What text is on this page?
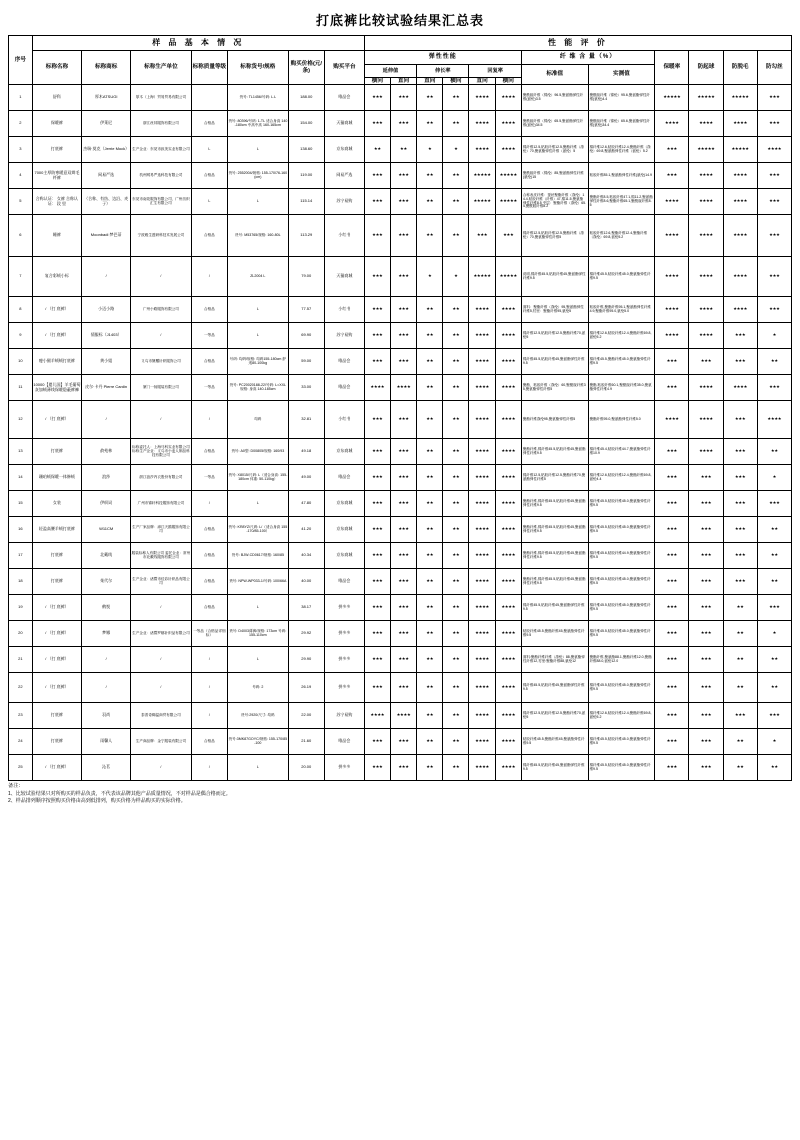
打底裤比较试验结果汇总表
序号	样 品 基 本 情 况							性 能 评 价											
	标称名称	标称商标	标称生产单位	标称质量等级	标称货号/规格	购买价格(元/条)	购买平台	弹性性能						纤 维 含 量（%）		保暖率	防起球	防脱毛	防勾丝
								延伸值		伸长率		回复率		标准值	实测值				
								横向	直向	直向	横向	直向	横向						
1	舒科	厚木ATSUGI	厚木（上海）贸易贸易有限公司		货号: TL1456/号码: L.L	188.00	唯品会	★★★	★★★	★★	★★	★★★★	★★★★	聚酰胺纤维（锦纶）96.5,聚氨酯弹性纤维(氨纶)3.5	聚酰胺纤维（锦纶）95.6,聚氨酯弹性纤维(氨纶)4.4	★★★★★	★★★★★	★★★★★	★★★
2	保暖裤	伊莱尼	浙江丝邦服饰有限公司	合格品	货号: 80396/号码: 1-TL 适合身高 140-180cm 中高中高 160-165cm	154.00	天猫商城	★★★	★★★	★★	★★	★★★★	★★★★	聚酰胺纤维（锦纶）65.5,聚氨酯弹性纤维(氨纶)34.5	聚酰胺纤维（锦纶）65.6,聚氨酯弹性纤维(氨纶)34.4	★★★★	★★★★	★★★★	★★★
3	打底裤	杰瑞·莫克（Jerrie Mock）	生产企业：东莞市致美实业有限公司	L	L	138.60	京东商城	★★	★★	★	★	★★★★	★★★★	棉纤维12.5,粘胶纤维12.5,聚酯纤维（涤纶）70,聚氨酯弹性纤维（氨纶）5	棉纤维12.6,粘胶纤维12.4,聚酯纤维（涤纶）69.8,聚氨酯弹性纤维（氨纶）5.2	★★★	★★★★★	★★★★★	★★★★
4	7000主厚防寒暖意双辫毛纤裤	网易严选	杭州网易严选科技有限公司	合格品	货号: 2552004/规格: 155-170/76-160(cm)	119.00	网易严选	★★★	★★★	★★	★★	★★★★★	★★★★★	聚酰胺纤维（锦纶）85,聚氨酯弹性纤维(氨纶)15	粘胶纤维85.1,聚氨酯弹性纤维(氨纶)14.9	★★★	★★★★	★★★★	★★★
5	合称认证： 女裤 合称认证： 段 里	（合称、有纺、边沿、麦子）	东莞市南莞服饰有限公司、广州纺织汇生有限公司	L	L	115.14	苏宁易购	★★★	★★★	★★	★★	★★★★★	★★★★★	合称表皮纤维：蚕丝聚酯纤维（涤纶）14.4,粘胶纤维（纤维）47,棉11.5,聚氨酯弹性纤维8.5 夹层：聚酯纤维（涤纶）65.4,聚酰胺纤维8.2	聚酯纤维8.5,粘胶纤维47.1,棉11.2,聚氨酯弹性纤维8.6,聚酯纤维65.1,聚酰胺纤维8.5	★★★★	★★★★	★★★★	★★★
6	睡裤	Moonbadi 梦巴蒂	宁波雅生透研科技术发展公司	合格品	货号: M53765/规格: 160-80L	113.29	小红书	★★★	★★★	★★	★★	★★★	★★★	棉纤维12.5,粘胶纤维12.5,聚酯纤维（涤纶）70,聚氨酯弹性纤维5	粘胶纤维12.6,聚酯纤维12.4,聚酯纤维（涤纶）69.8,氨纶5.2	★★★★	★★★★	★★★★	★★★
7	复合彩绒小标	/	/	/	ZL2004 L	79.00	天猫商城	★★★	★★★	★	★	★★★★★	★★★★★	说明,棉纤维45.5,粘胶纤维45,聚氨酯弹性纤维9.5	棉纤维45.5,粘胶纤维45.0,聚氨酯弹性纤维9.5	★★★★	★★★★	★★★★	★★★
8	/ （打 底裤）	小迈小路	广州小路服饰有限公司	合格品	L	77.57	小红书	★★★	★★★	★★	★★	★★★★	★★★★	面料：聚酯纤维（涤纶）95,聚氨酯弹性纤维5,衬里：聚酯纤维95,氨纶5	粘胶纤维,聚酯纤维95.1,聚氨酯弹性纤维4.9,聚酯纤维95.0,氨纶5.0	★★★★	★★★★	★★★★	★★★
9	/ （打 底裤）	情服标（J1403）	/	一等品	L	69.90	苏宁易购	★★★	★★★	★★	★★	★★★★	★★★★	棉纤维12.5,粘胶纤维12.5,聚酯纤维70,氨纶5	棉纤维12.6,粘胶纤维12.4,聚酯纤维69.8,氨纶5.2	★★★★	★★★★	★★★	★
10	瘦小腿羊绒绒打底裤	黄小姐	义乌市黛璽针织服饰公司	合格品	号码: 均码/规格: 均码155-180cm 舒适80-100kg	59.00	唯品会	★★★	★★★	★★	★★	★★★★	★★★★	棉纤维45.5,粘胶纤维45,聚氨酯弹性纤维9.5	棉纤维45.5,聚酯纤维45.0,聚氨酯弹性纤维9.5	★★★	★★★	★★★	★★
11	10000【婴儿国】羊毛葡萄灰加绒薄线保暖隐蔽裤褲	皮尔·卡丹 Pierre Cardin	厦门一扬服装有限公司	一等品	货号: PC20020188-22/号码: L=XXL 规格: 身高 140-185cm	33.00	唯品会	★★★★	★★★★	★★	★★	★★★★	★★★★	聚酯，粘胶纤维（涤纶）60,聚酰胺纤维35,聚氨酯弹性纤维5	聚酯,粘胶纤维60.1,聚酰胺纤维35.0,聚氨酯弹性纤维4.9	★★★	★★★★	★★★★	★★★
12	/ （打 底裤）	/	/	/	均码	32.81	小红书	★★★	★★★	★★	★★	★★★★	★★★★	聚酯纤维涤纶95,聚氨酯弹性纤维5	聚酯纤维95.0,聚氨酯弹性纤维5.0	★★★★	★★★★	★★★	★★★★
13	打底裤	俞苑林	标称委托人：上海马科实业有限公司 标称生产企业：义乌市小麦人制品科技有限公司	合格品	货号: A0型: D00805/规格: 160/93	49.18	京东商城	★★★	★★★	★★	★★	★★★★	★★★★	聚酯纤维,棉纤维45.5,粘胶纤维45,聚氨酯弹性纤维9.5	棉纤维45.4,粘胶纤维44.7,聚氨酯弹性纤维10.9	★★★	★★★★	★★★	★★
14	珊珀绒保暖一体修绒	浪莎	浙江浪莎内衣股份有限公司	一等品	货号: X8015/尺码: L（适合身高: 155-180cm 体重: 50-110kg）	49.00	唯品会	★★★	★★★	★★	★★	★★★★	★★★★	棉纤维12.5,粘胶纤维12.5,聚酯纤维70,聚氨酯弹性纤维5	棉纤维12.6,粘胶纤维12.4,聚酯纤维69.8,氨纶4.4	★★★	★★★	★★★	★
15	女装	伊织词	广州市锦轩科技服饰有限公司	/	L	47.80	京东商城	★★★	★★★	★★	★★	★★★★	★★★★	聚酯纤维,棉纤维45.5,粘胶纤维45,聚氨酯弹性纤维9.5	棉纤维45.5,粘胶纤维45.0,聚氨酯弹性纤维9.5	★★★	★★★	★★★	★★★
16	轻盈高腰羊绒打底裤	W11CM	生产厂家品牌：漳江天鹅服饰有限公司	合格品	货号: KR8YZ/尺码: L/（适合身高 155-170/85-100）	41.20	京东商城	★★★	★★★	★★	★★	★★★★	★★★★	聚酯纤维,棉纤维45.5,粘胶纤维45,聚氨酯弹性纤维9.5	棉纤维45.5,粘胶纤维45.0,聚氨酯弹性纤维9.5	★★★	★★★	★★★	★★
17	打底裤	北戴线	服装标称人有限公司 委托企业：常州市北戴线服饰有限公司	合格品	货号: BJW-CD0617/规格: 160/85	40.34	京东商城	★★★	★★★	★★	★★	★★★★	★★★★	聚酯纤维,棉纤维45.5,粘胶纤维45,聚氨酯弹性纤维9.5	棉纤维45.6,粘胶纤维44.9,聚氨酯弹性纤维9.5	★★★	★★★	★★★	★★
18	打底裤	茱代尔	生产企业：诸暨市佳彩针织品有限公司	合格品	货号: NPW-WP033-1/号码: 100/66A	40.00	唯品会	★★★	★★★	★★	★★	★★★★	★★★★	聚酯纤维,棉纤维45.5,粘胶纤维45,聚氨酯弹性纤维9.5	棉纤维45.5,粘胶纤维45.0,聚氨酯弹性纤维9.5	★★★	★★★	★★★	★★
19	/ （打 底裤）	鹤悦	/	合格品	L	38.17	拼多多	★★★	★★★	★★	★★	★★★★	★★★★	棉纤维45.5,粘胶纤维45,聚氨酯弹性纤维9.5	棉纤维45.5,粘胶纤维45.0,聚氨酯弹性纤维9.5	★★★	★★★	★★	★★★
20	/ （打 底裤）	梦娜	生产企业：诸暨罗娜针织品有限公司	一等品（合格品详细标）	货号: D4003薄裤/规格: 173cm 号码: 155-110cm	29.92	拼多多	★★★	★★★	★★	★★	★★★★	★★★★	粘胶纤维45.5,聚酯纤维45,聚氨酯弹性纤维9.5	棉纤维45.5,粘胶纤维45.0,聚氨酯弹性纤维9.5	★★★	★★★	★★	★
21	/ （打 底裤）	/	/	/	L	29.90	拼多多	★★★	★★★	★★	★★	★★★★	★★★★	面料:聚酯纤维纤维（涤纶）88,聚氨酯弹性纤维12,衬里:聚酯纤维88,氨纶12	聚酯纤维,聚氨酯88.1,聚酯纤维12.0,聚酯纤维88.0,氨纶12.0	★★★	★★★	★★	★★
22	/ （打 底裤）	/	/	/	号码: 2	26.19	拼多多	★★★	★★★	★★	★★	★★★★	★★★★	棉纤维45.5,粘胶纤维45,聚氨酯弹性纤维9.5	棉纤维45.5,粘胶纤维45.0,聚氨酯弹性纤维9.5	★★★	★★★	★★	★★
23	打底裤	羽尚	泰普奇卿温商贸有限公司	/	货号:2920/尺寸: 均码	22.00	苏宁易购	★★★★	★★★★	★★	★★	★★★★	★★★★	棉纤维12.5,粘胶纤维12.5,聚酯纤维70,氨纶5	棉纤维12.6,粘胶纤维12.4,聚酯纤维69.8,氨纶5.2	★★★	★★★	★★★	★★★
24	打底裤	雨馨人	生产商品牌：金宁服装有限公司	合格品	货号:3MK87GOYC/规格: 155-170/85-100	21.60	唯品会	★★★	★★★	★★	★★	★★★★	★★★★	粘胶纤维45.5,聚酯纤维45,聚氨酯弹性纤维9.5	棉纤维45.5,粘胶纤维45.0,聚氨酯弹性纤维9.5	★★★	★★★	★★	★
25	/ （打 底裤）	沁茗	/	/	L	20.00	拼多多	★★★	★★★	★★	★★	★★★★	★★★★	棉纤维45.5,粘胶纤维45,聚氨酯弹性纤维9.5	棉纤维45.5,粘胶纤维45.0,聚氨酯弹性纤维9.5	★★★	★★★	★★	★★
备注：
1、比较试验结果只对所购买的样品负责，不代表该品牌其他产品质量情况，不对样品是偶合格而定。
2、样品排列顺序按照购买价格由高到低排列，购买价格为样品购买的实际价格。
